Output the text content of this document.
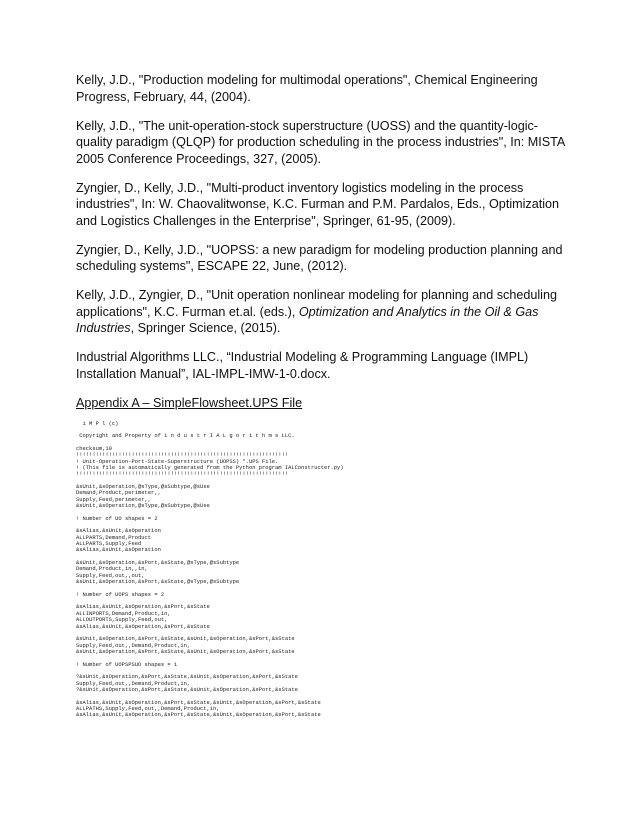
Kelly, J.D., "Production modeling for multimodal operations", Chemical Engineering Progress, February, 44, (2004).

Kelly, J.D., "The unit-operation-stock superstructure (UOSS) and the quantity-logic-quality paradigm (QLQP) for production scheduling in the process industries", In: MISTA 2005 Conference Proceedings, 327, (2005).

Zyngier, D., Kelly, J.D., "Multi-product inventory logistics modeling in the process industries", In: W. Chaovalitwonse, K.C. Furman and P.M. Pardalos, Eds., Optimization and Logistics Challenges in the Enterprise", Springer, 61-95, (2009).

Zyngier, D., Kelly, J.D., "UOPSS: a new paradigm for modeling production planning and scheduling systems", ESCAPE 22, June, (2012).

Kelly, J.D., Zyngier, D., "Unit operation nonlinear modeling for planning and scheduling applications", K.C. Furman et.al. (eds.), Optimization and Analytics in the Oil & Gas Industries, Springer Science, (2015).

Industrial Algorithms LLC., “Industrial Modeling & Programming Language (IMPL) Installation Manual”, IAL-IMPL-IMW-1-0.docx.

Appendix A – SimpleFlowsheet.UPS File

i M P l (c)
Copyright and Property of i n d u s t r I A L g o r i t h m s LLC.
checksum,10
!!!!!!!!!!!!!!!!!!!!!!!!!!!!!!!!!!!!!!!!!!!!!!!!!!!!!!!!!!!!!!!!!
! Unit-Operation-Port-State-Superstructure (UOPSS) *.UPS File.
! (This file is automatically generated from the Python program IALConstructer.py)
!!!!!!!!!!!!!!!!!!!!!!!!!!!!!!!!!!!!!!!!!!!!!!!!!!!!!!!!!!!!!!!!!
&sUnit,&sOperation,@sType,@sSubtype,@sUse
Demand,Product,perimeter,,
Supply,Feed,perimeter,,
&sUnit,&sOperation,@sType,@sSubtype,@sUse
! Number of UO shapes = 2
&sAlias,&sUnit,&sOperation
ALLPARTS,Demand,Product
ALLPARTS,Supply,Feed
&sAlias,&sUnit,&sOperation
&sUnit,&sOperation,&sPort,&sState,@sType,@sSubtype
Demand,Product,in,,in,
Supply,Feed,out,,out,
&sUnit,&sOperation,&sPort,&sState,@sType,@sSubtype
! Number of UOPS shapes = 2
&sAlias,&sUnit,&sOperation,&sPort,&sState
ALLINPORTS,Demand,Product,in,
ALLOUTPORTS,Supply,Feed,out,
&sAlias,&sUnit,&sOperation,&sPort,&sState
&sUnit,&sOperation,&sPort,&sState,&sUnit,&sOperation,&sPort,&sState
Supply,Feed,out,,Demand,Product,in,
&sUnit,&sOperation,&sPort,&sState,&sUnit,&sOperation,&sPort,&sState
! Number of UOPSPSUO shapes = 1
?&sUnit,&sOperation,&sPort,&sState,&sUnit,&sOperation,&sPort,&sState
Supply,Feed,out,,Demand,Product,in,
?&sUnit,&sOperation,&sPort,&sState,&sUnit,&sOperation,&sPort,&sState
&sAlias,&sUnit,&sOperation,&sPort,&sState,&sUnit,&sOperation,&sPort,&sState
ALLPATHS,Supply,Feed,out,,Demand,Product,in,
&sAlias,&sUnit,&sOperation,&sPort,&sState,&sUnit,&sOperation,&sPort,&sState
